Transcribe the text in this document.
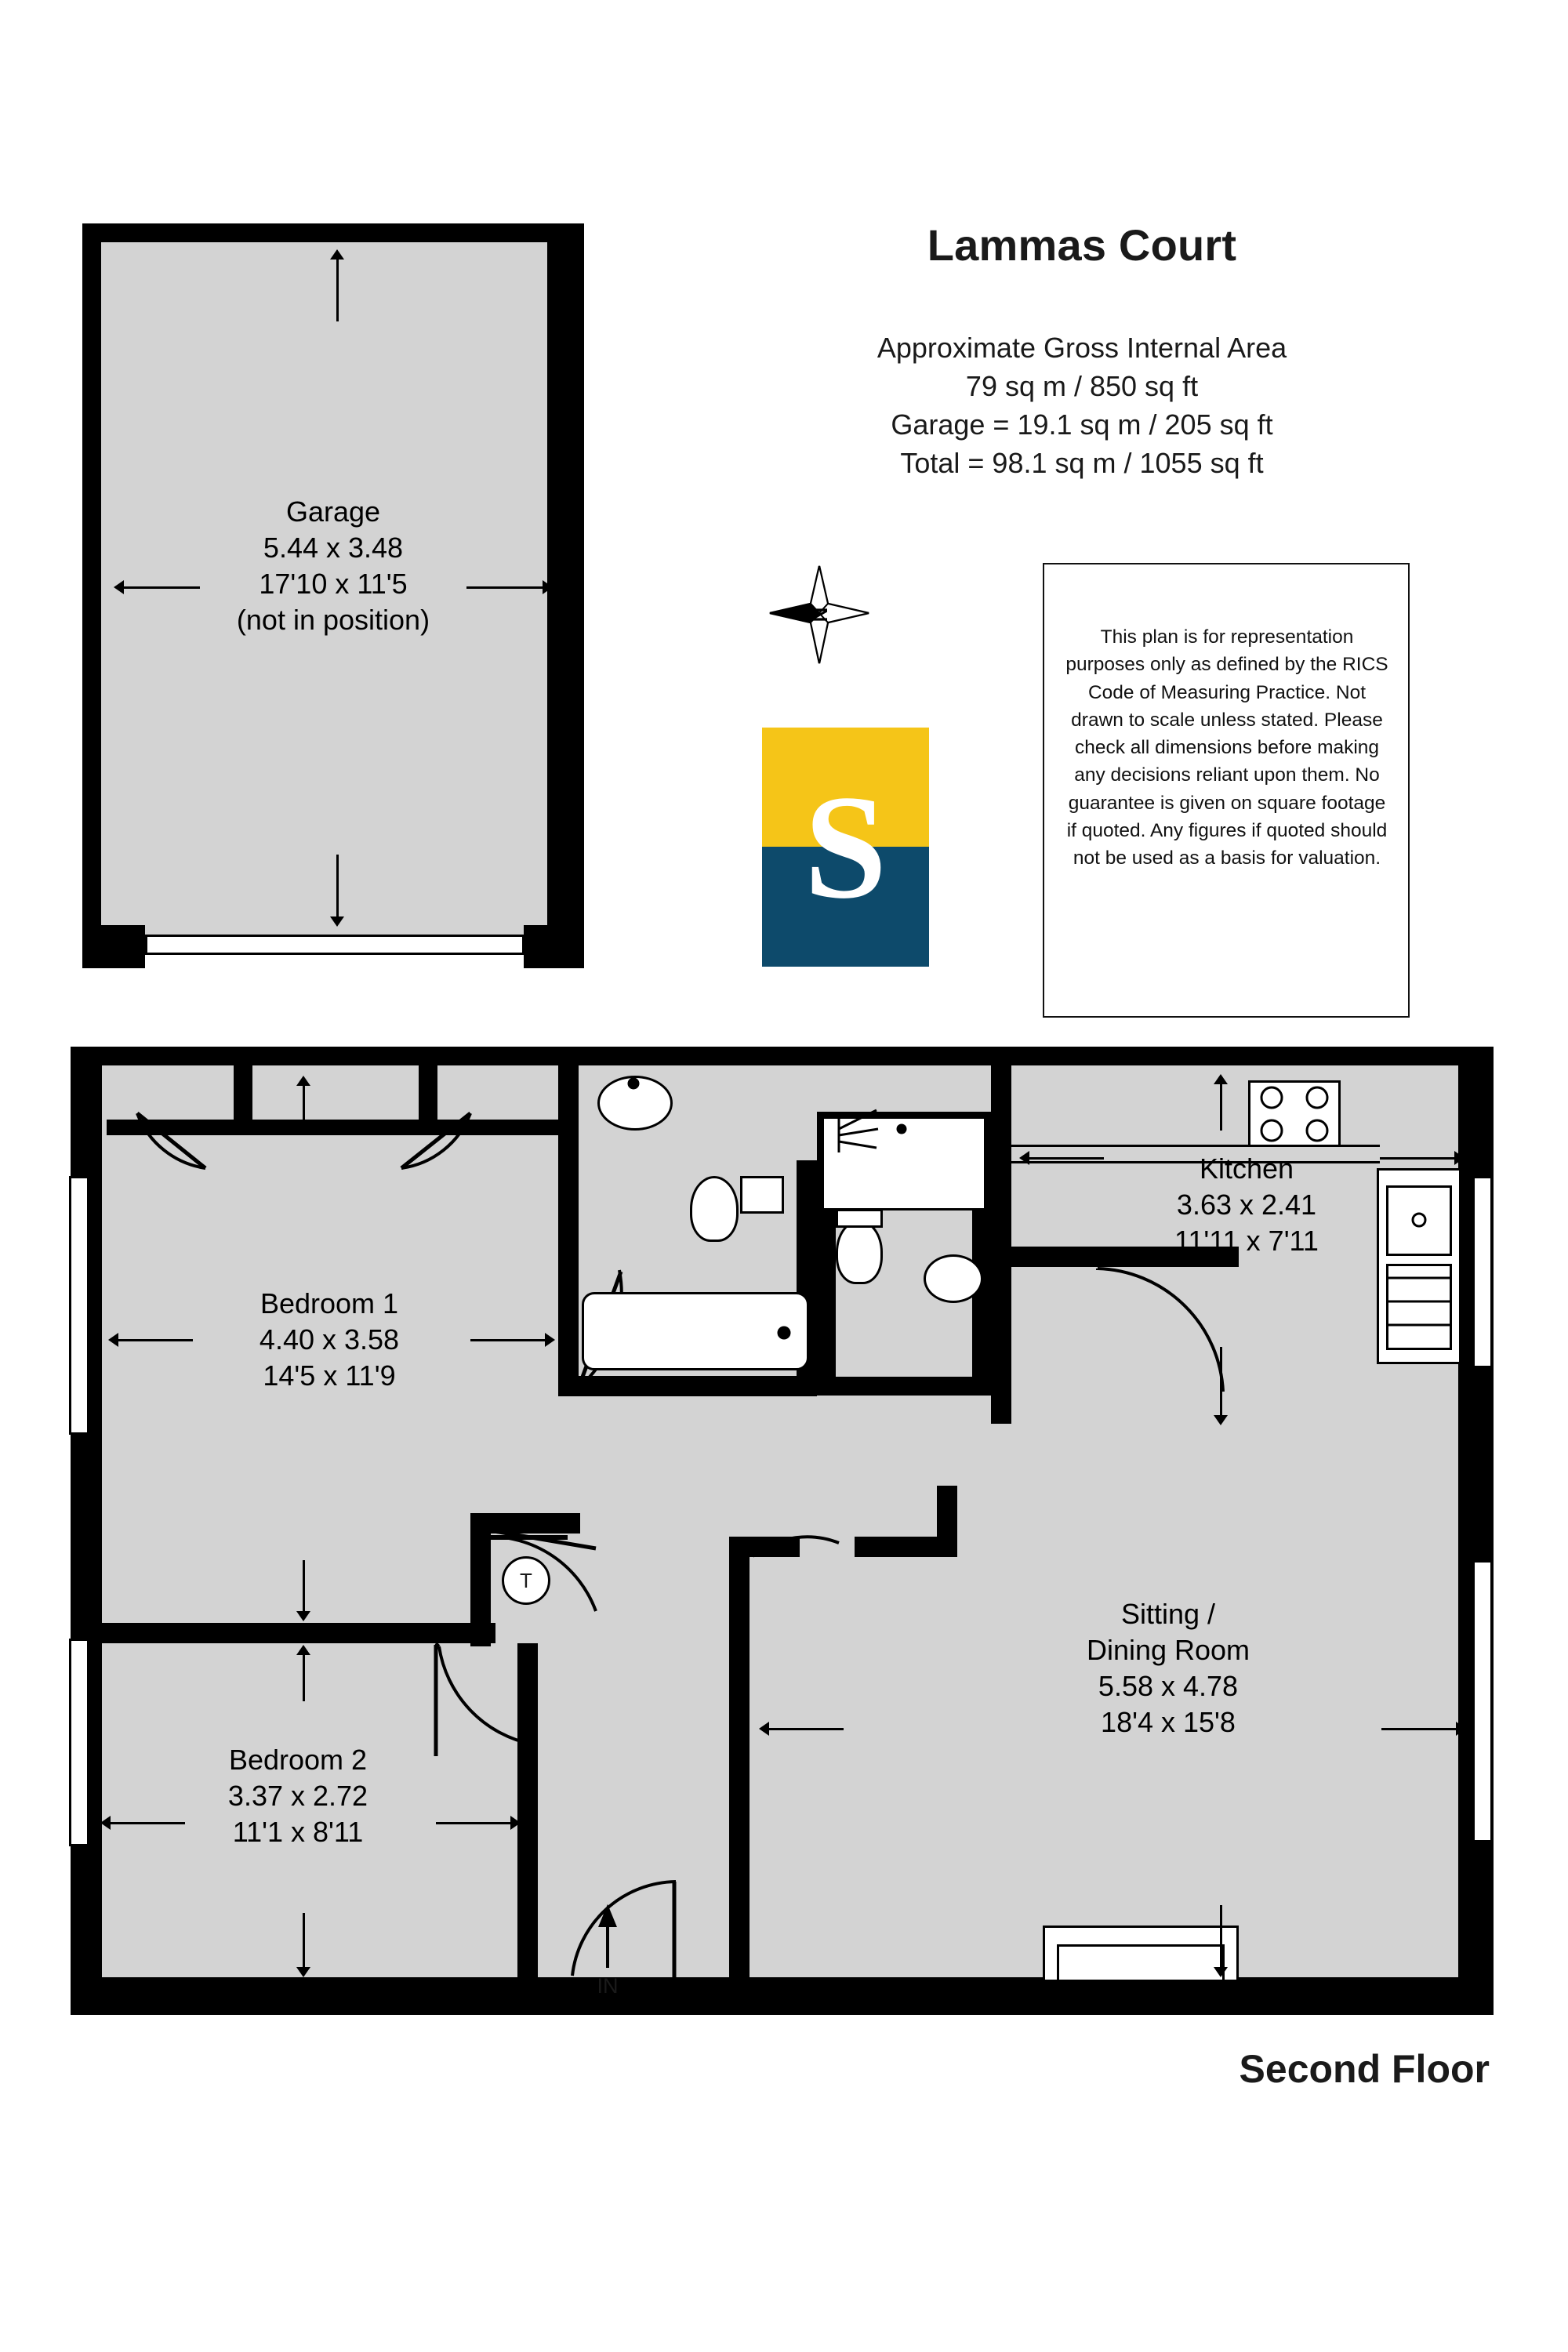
Lammas Court
Approximate Gross Internal Area
79 sq m / 850 sq ft
Garage = 19.1 sq m / 205 sq ft
Total = 98.1 sq m / 1055 sq ft
This plan is for representation purposes only as defined by the RICS Code of Measuring Practice. Not drawn to scale unless stated. Please check all dimensions before making any decisions reliant upon them. No guarantee is given on square footage if quoted. Any figures if quoted should not be used as a basis for valuation.
N
S
Garage
5.44 x 3.48
17'10 x 11'5
(not in position)
T
IN
Bedroom 1
4.40 x 3.58
14'5 x 11'9
Bedroom 2
3.37 x 2.72
11'1 x 8'11
Kitchen
3.63 x 2.41
11'11 x 7'11
Sitting /
Dining Room
5.58 x 4.78
18'4 x 15'8
Second Floor
